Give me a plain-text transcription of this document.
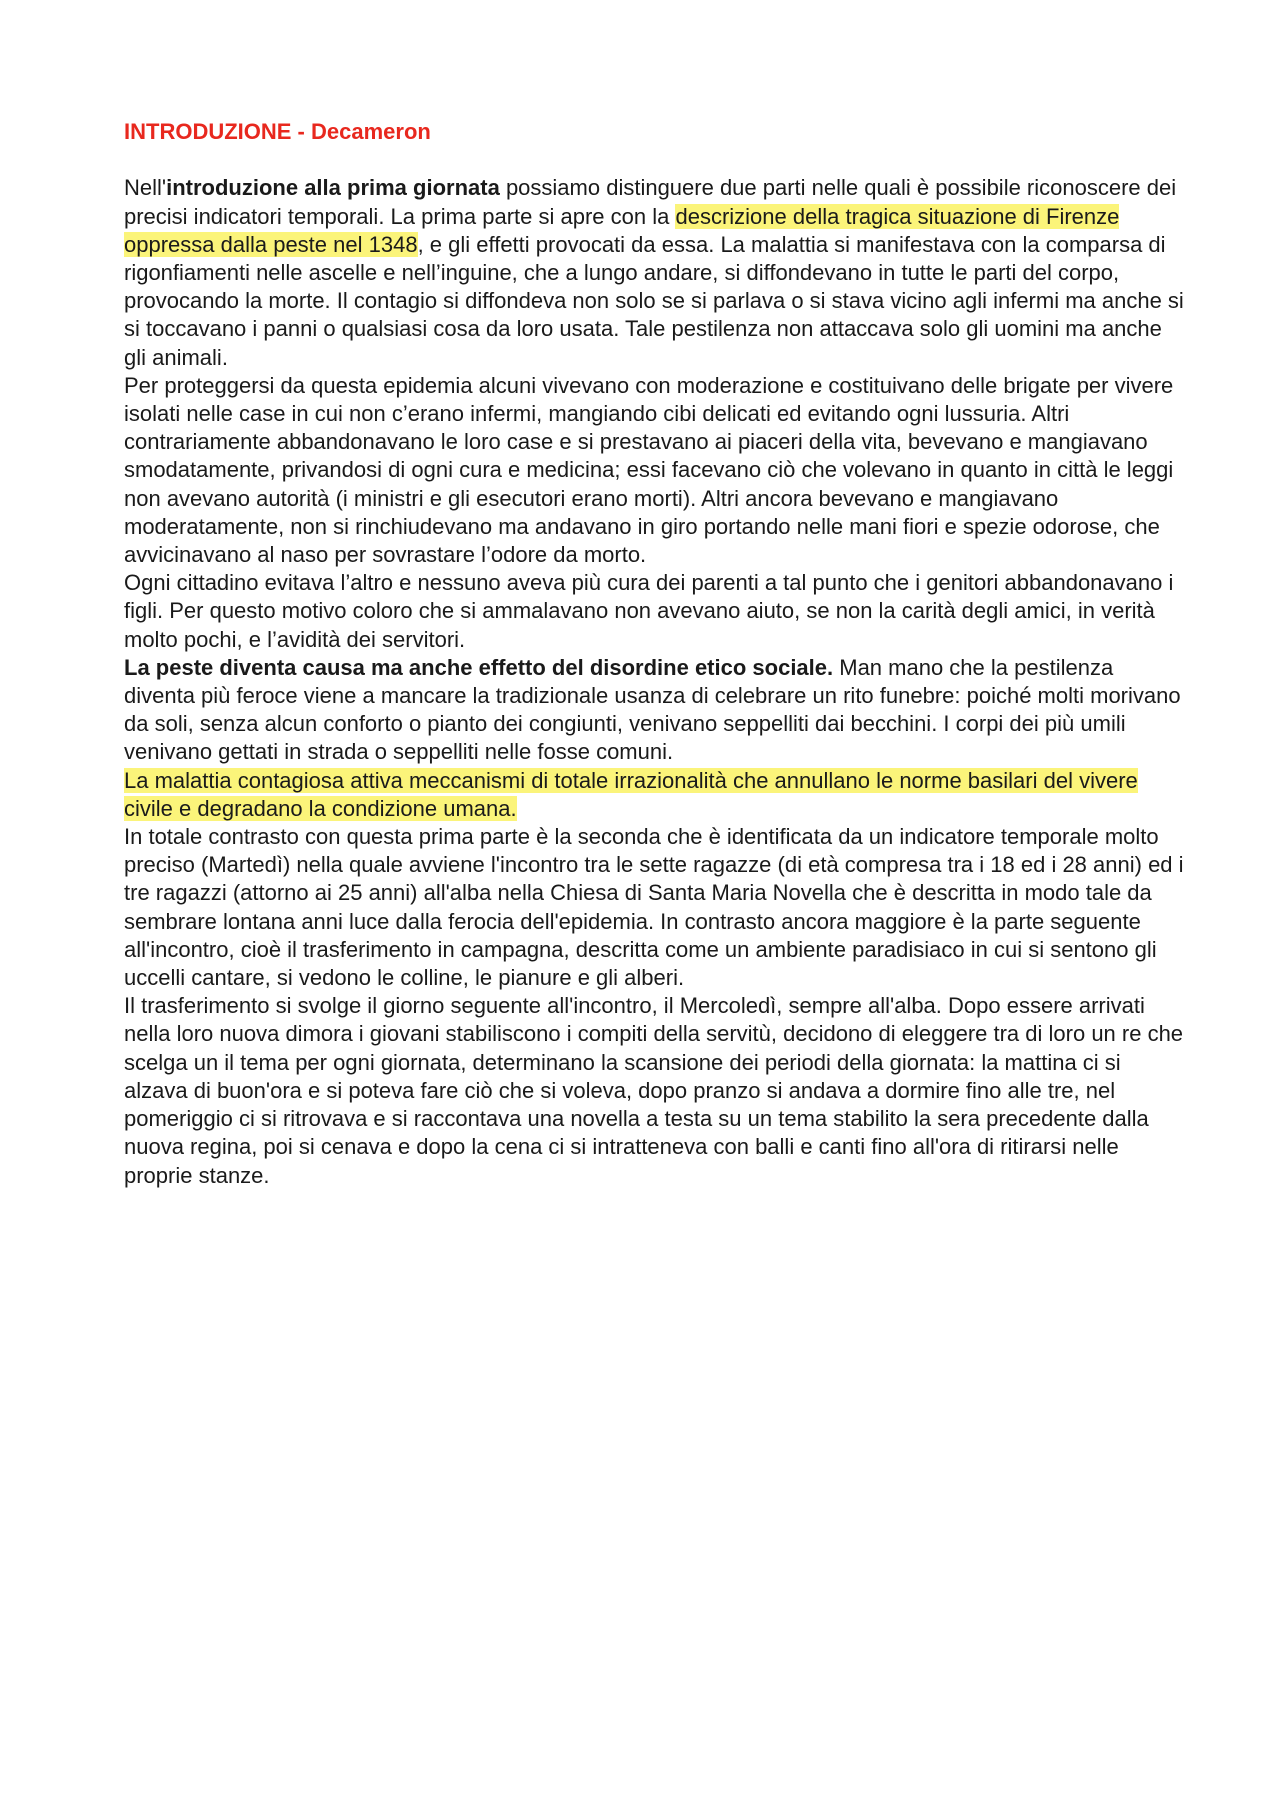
INTRODUZIONE - Decameron

Nell'introduzione alla prima giornata possiamo distinguere due parti nelle quali è possibile riconoscere dei precisi indicatori temporali. La prima parte si apre con la descrizione della tragica situazione di Firenze oppressa dalla peste nel 1348, e gli effetti provocati da essa. La malattia si manifestava con la comparsa di rigonfiamenti nelle ascelle e nell’inguine, che a lungo andare, si diffondevano in tutte le parti del corpo, provocando la morte. Il contagio si diffondeva non solo se si parlava o si stava vicino agli infermi ma anche si si toccavano i panni o qualsiasi cosa da loro usata. Tale pestilenza non attaccava solo gli uomini ma anche gli animali.

Per proteggersi da questa epidemia alcuni vivevano con moderazione e costituivano delle brigate per vivere isolati nelle case in cui non c’erano infermi, mangiando cibi delicati ed evitando ogni lussuria. Altri contrariamente abbandonavano le loro case e si prestavano ai piaceri della vita, bevevano e mangiavano smodatamente, privandosi di ogni cura e medicina; essi facevano ciò che volevano in quanto in città le leggi non avevano autorità (i ministri e gli esecutori erano morti). Altri ancora bevevano e mangiavano moderatamente, non si rinchiudevano ma andavano in giro portando nelle mani fiori e spezie odorose, che avvicinavano al naso per sovrastare l’odore da morto.

Ogni cittadino evitava l’altro e nessuno aveva più cura dei parenti a tal punto che i genitori abbandonavano i figli. Per questo motivo coloro che si ammalavano non avevano aiuto, se non la carità degli amici, in verità molto pochi, e l’avidità dei servitori.

La peste diventa causa ma anche effetto del disordine etico sociale. Man mano che la pestilenza diventa più feroce viene a mancare la tradizionale usanza di celebrare un rito funebre: poiché molti morivano da soli, senza alcun conforto o pianto dei congiunti, venivano seppelliti dai becchini. I corpi dei più umili venivano gettati in strada o seppelliti nelle fosse comuni.

La malattia contagiosa attiva meccanismi di totale irrazionalità che annullano le norme basilari del vivere civile e degradano la condizione umana.

In totale contrasto con questa prima parte è la seconda che è identificata da un indicatore temporale molto preciso (Martedì) nella quale avviene l'incontro tra le sette ragazze (di età compresa tra i 18 ed i 28 anni) ed i tre ragazzi (attorno ai 25 anni) all'alba nella Chiesa di Santa Maria Novella che è descritta in modo tale da sembrare lontana anni luce dalla ferocia dell'epidemia. In contrasto ancora maggiore è la parte seguente all'incontro, cioè il trasferimento in campagna, descritta come un ambiente paradisiaco in cui si sentono gli uccelli cantare, si vedono le colline, le pianure e gli alberi.

Il trasferimento si svolge il giorno seguente all'incontro, il Mercoledì, sempre all'alba. Dopo essere arrivati nella loro nuova dimora i giovani stabiliscono i compiti della servitù, decidono di eleggere tra di loro un re che scelga un il tema per ogni giornata, determinano la scansione dei periodi della giornata: la mattina ci si alzava di buon'ora e si poteva fare ciò che si voleva, dopo pranzo si andava a dormire fino alle tre, nel pomeriggio ci si ritrovava e si raccontava una novella a testa su un tema stabilito la sera precedente dalla nuova regina, poi si cenava e dopo la cena ci si intratteneva con balli e canti fino all'ora di ritirarsi nelle proprie stanze.
